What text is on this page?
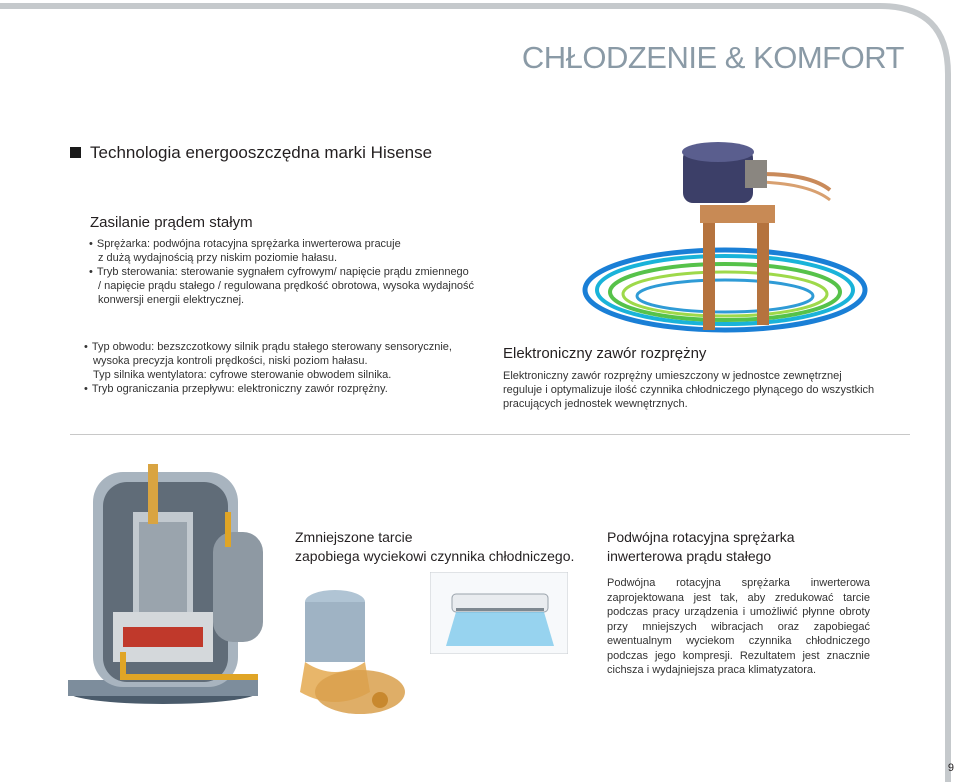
CHŁODZENIE & KOMFORT
Technologia energooszczędna marki Hisense
Zasilanie prądem stałym

• Sprężarka: podwójna rotacyjna sprężarka inwerterowa pracuje

z dużą wydajnością przy niskim poziomie hałasu.

• Tryb sterowania: sterowanie sygnałem cyfrowym/ napięcie prądu zmiennego

/ napięcie prądu stałego / regulowana prędkość obrotowa, wysoka wydajność

konwersji energii elektrycznej.

• Typ obwodu: bezszczotkowy silnik prądu stałego sterowany sensorycznie,

wysoka precyzja kontroli prędkości, niski poziom hałasu.

Typ silnika wentylatora: cyfrowe sterowanie obwodem silnika.

• Tryb ograniczania przepływu: elektroniczny zawór rozprężny.

Elektroniczny zawór rozprężny

Elektroniczny zawór rozprężny umieszczony w jednostce zewnętrznej

reguluje i optymalizuje ilość czynnika chłodniczego płynącego do wszystkich

pracujących jednostek wewnętrznych.

Zmniejszone tarcie
zapobiega wyciekowi czynnika chłodniczego.
Podwójna rotacyjna sprężarka
inwerterowa prądu stałego
Podwójna rotacyjna sprężarka inwerterowa zaprojektowana jest tak, aby zredukować tarcie podczas pracy urządzenia i umożliwić płynne obroty przy mniejszych wibracjach oraz zapobiegać ewentualnym wyciekom czynnika chłodniczego podczas jego kompresji. Rezultatem jest znacznie cichsza i wydajniejsza praca klimatyzatora.
9
